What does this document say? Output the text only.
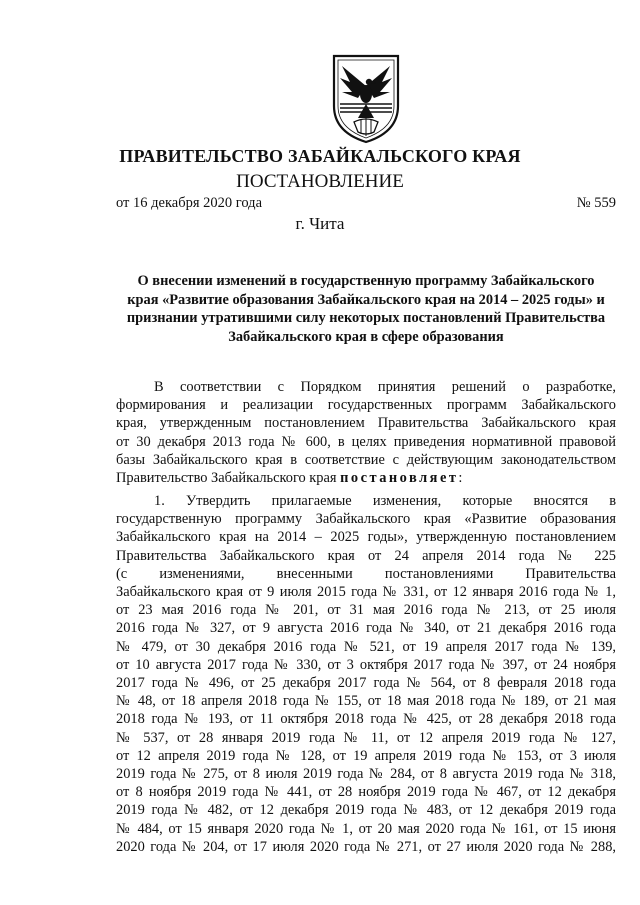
ПРАВИТЕЛЬСТВО ЗАБАЙКАЛЬСКОГО КРАЯ
ПОСТАНОВЛЕНИЕ
от 16 декабря 2020 года	№ 559
г. Чита
О внесении изменений в государственную программу Забайкальского
края «Развитие образования Забайкальского края на 2014 – 2025 годы» и
признании утратившими силу некоторых постановлений Правительства
Забайкальского края в сфере образования
В соответствии с Порядком принятия решений о разработке,
формирования и реализации государственных программ Забайкальского
края, утвержденным постановлением Правительства Забайкальского края
от 30 декабря 2013 года № 600, в целях приведения нормативной правовой
базы Забайкальского края в соответствие с действующим законодательством
Правительство Забайкальского края постановляет:
1. Утвердить прилагаемые изменения, которые вносятся в
государственную программу Забайкальского края «Развитие образования
Забайкальского края на 2014 – 2025 годы», утвержденную постановлением
Правительства Забайкальского края от 24 апреля 2014 года № 225
(с изменениями, внесенными постановлениями Правительства
Забайкальского края от 9 июля 2015 года № 331, от 12 января 2016 года № 1,
от 23 мая 2016 года № 201, от 31 мая 2016 года № 213, от 25 июля
2016 года № 327, от 9 августа 2016 года № 340, от 21 декабря 2016 года
№ 479, от 30 декабря 2016 года № 521, от 19 апреля 2017 года № 139,
от 10 августа 2017 года № 330, от 3 октября 2017 года № 397, от 24 ноября
2017 года № 496, от 25 декабря 2017 года № 564, от 8 февраля 2018 года
№ 48, от 18 апреля 2018 года № 155, от 18 мая 2018 года № 189, от 21 мая
2018 года № 193, от 11 октября 2018 года № 425, от 28 декабря 2018 года
№ 537, от 28 января 2019 года № 11, от 12 апреля 2019 года № 127,
от 12 апреля 2019 года № 128, от 19 апреля 2019 года № 153, от 3 июля
2019 года № 275, от 8 июля 2019 года № 284, от 8 августа 2019 года № 318,
от 8 ноября 2019 года № 441, от 28 ноября 2019 года № 467, от 12 декабря
2019 года № 482, от 12 декабря 2019 года № 483, от 12 декабря 2019 года
№ 484, от 15 января 2020 года № 1, от 20 мая 2020 года № 161, от 15 июня
2020 года № 204, от 17 июля 2020 года № 271, от 27 июля 2020 года № 288,
